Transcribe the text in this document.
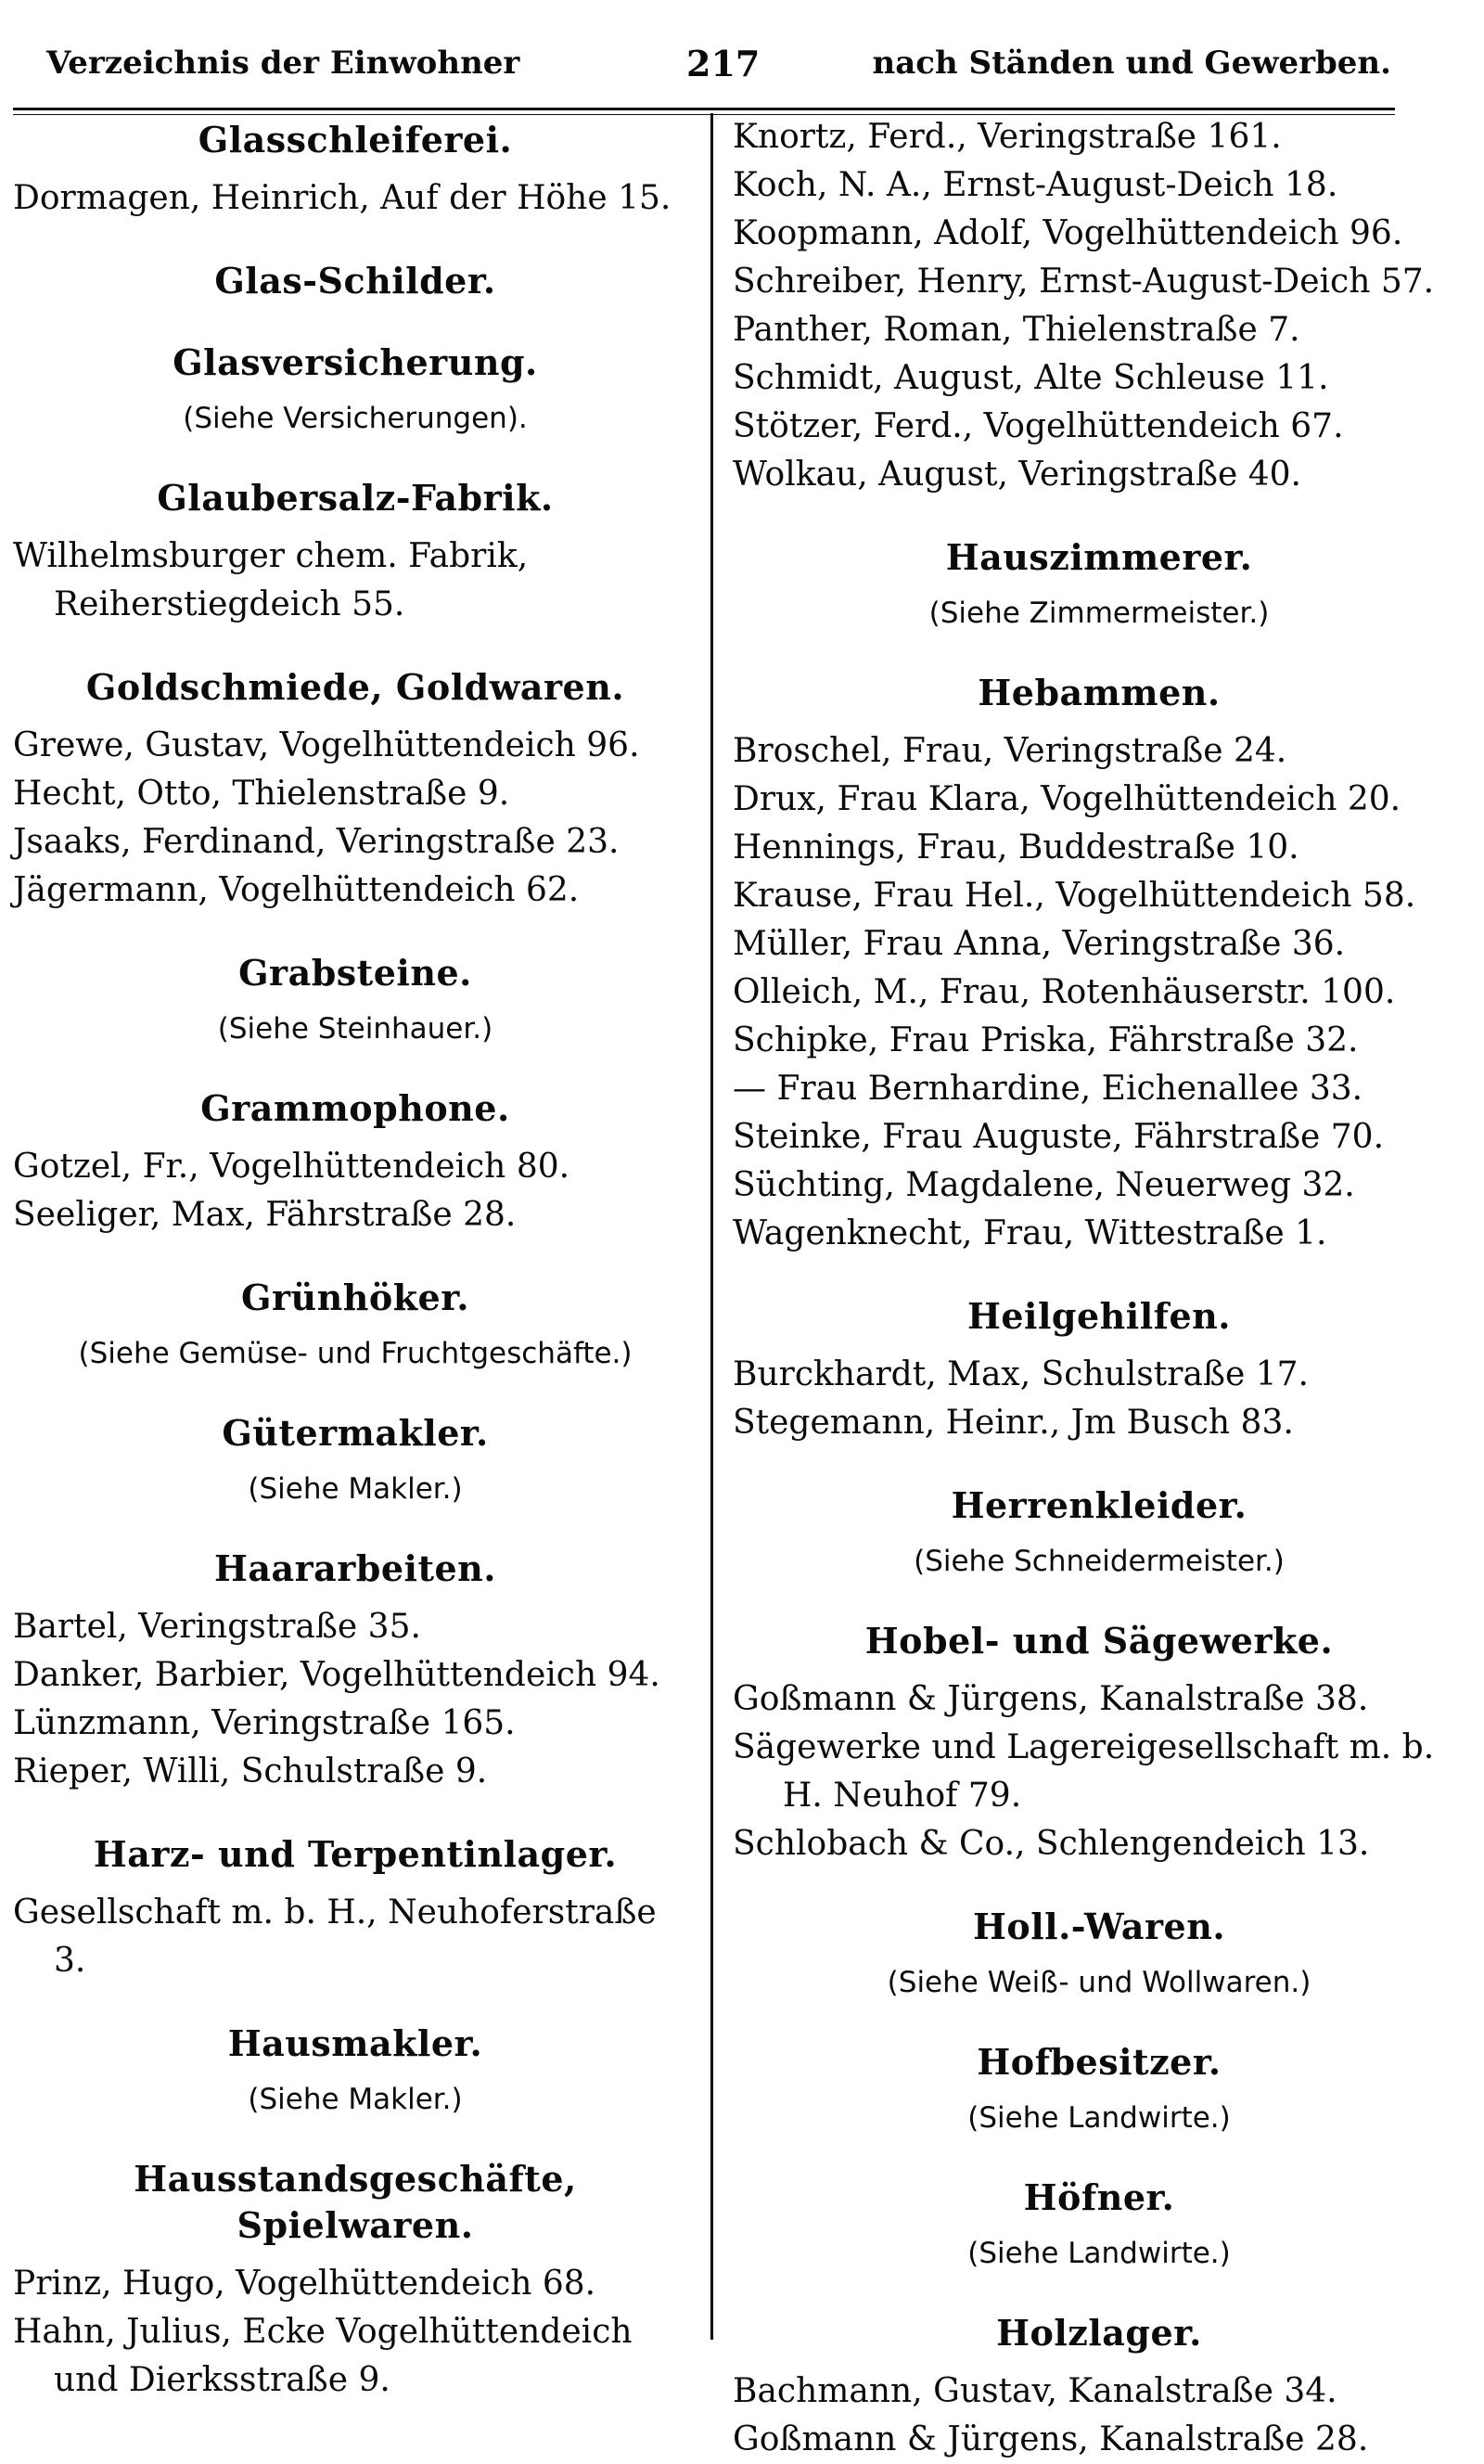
Verzeichnis der Einwohner	217	nach Ständen und Gewerben.
Glasschleiferei.
Dormagen, Heinrich, Auf der Höhe 15.
Glas-Schilder.
Glasversicherung.
(Siehe Versicherungen).
Glaubersalz-Fabrik.
Wilhelmsburger chem. Fabrik, Reiherstiegdeich 55.
Goldschmiede, Goldwaren.
Grewe, Gustav, Vogelhüttendeich 96.
Hecht, Otto, Thielenstraße 9.
Jsaaks, Ferdinand, Veringstraße 23.
Jägermann, Vogelhüttendeich 62.
Grabsteine.
(Siehe Steinhauer.)
Grammophone.
Gotzel, Fr., Vogelhüttendeich 80.
Seeliger, Max, Fährstraße 28.
Grünhöker.
(Siehe Gemüse- und Fruchtgeschäfte.)
Gütermakler.
(Siehe Makler.)
Haararbeiten.
Bartel, Veringstraße 35.
Danker, Barbier, Vogelhüttendeich 94.
Lünzmann, Veringstraße 165.
Rieper, Willi, Schulstraße 9.
Harz- und Terpentinlager.
Gesellschaft m. b. H., Neuhoferstraße 3.
Hausmakler.
(Siehe Makler.)
Hausstandsgeschäfte, Spielwaren.
Prinz, Hugo, Vogelhüttendeich 68.
Hahn, Julius, Ecke Vogelhüttendeich und Dierksstraße 9.
Knortz, Ferd., Veringstraße 161.
Koch, N. A., Ernst-August-Deich 18.
Koopmann, Adolf, Vogelhüttendeich 96.
Schreiber, Henry, Ernst-August-Deich 57.
Panther, Roman, Thielenstraße 7.
Schmidt, August, Alte Schleuse 11.
Stötzer, Ferd., Vogelhüttendeich 67.
Wolkau, August, Veringstraße 40.
Hauszimmerer.
(Siehe Zimmermeister.)
Hebammen.
Broschel, Frau, Veringstraße 24.
Drux, Frau Klara, Vogelhüttendeich 20.
Hennings, Frau, Buddestraße 10.
Krause, Frau Hel., Vogelhüttendeich 58.
Müller, Frau Anna, Veringstraße 36.
Olleich, M., Frau, Rotenhäuserstr. 100.
Schipke, Frau Priska, Fährstraße 32.
— Frau Bernhardine, Eichenallee 33.
Steinke, Frau Auguste, Fährstraße 70.
Süchting, Magdalene, Neuerweg 32.
Wagenknecht, Frau, Wittestraße 1.
Heilgehilfen.
Burckhardt, Max, Schulstraße 17.
Stegemann, Heinr., Jm Busch 83.
Herrenkleider.
(Siehe Schneidermeister.)
Hobel- und Sägewerke.
Goßmann & Jürgens, Kanalstraße 38.
Sägewerke und Lagereigesellschaft m. b. H. Neuhof 79.
Schlobach & Co., Schlengendeich 13.
Holl.-Waren.
(Siehe Weiß- und Wollwaren.)
Hofbesitzer.
(Siehe Landwirte.)
Höfner.
(Siehe Landwirte.)
Holzlager.
Bachmann, Gustav, Kanalstraße 34.
Goßmann & Jürgens, Kanalstraße 28.
